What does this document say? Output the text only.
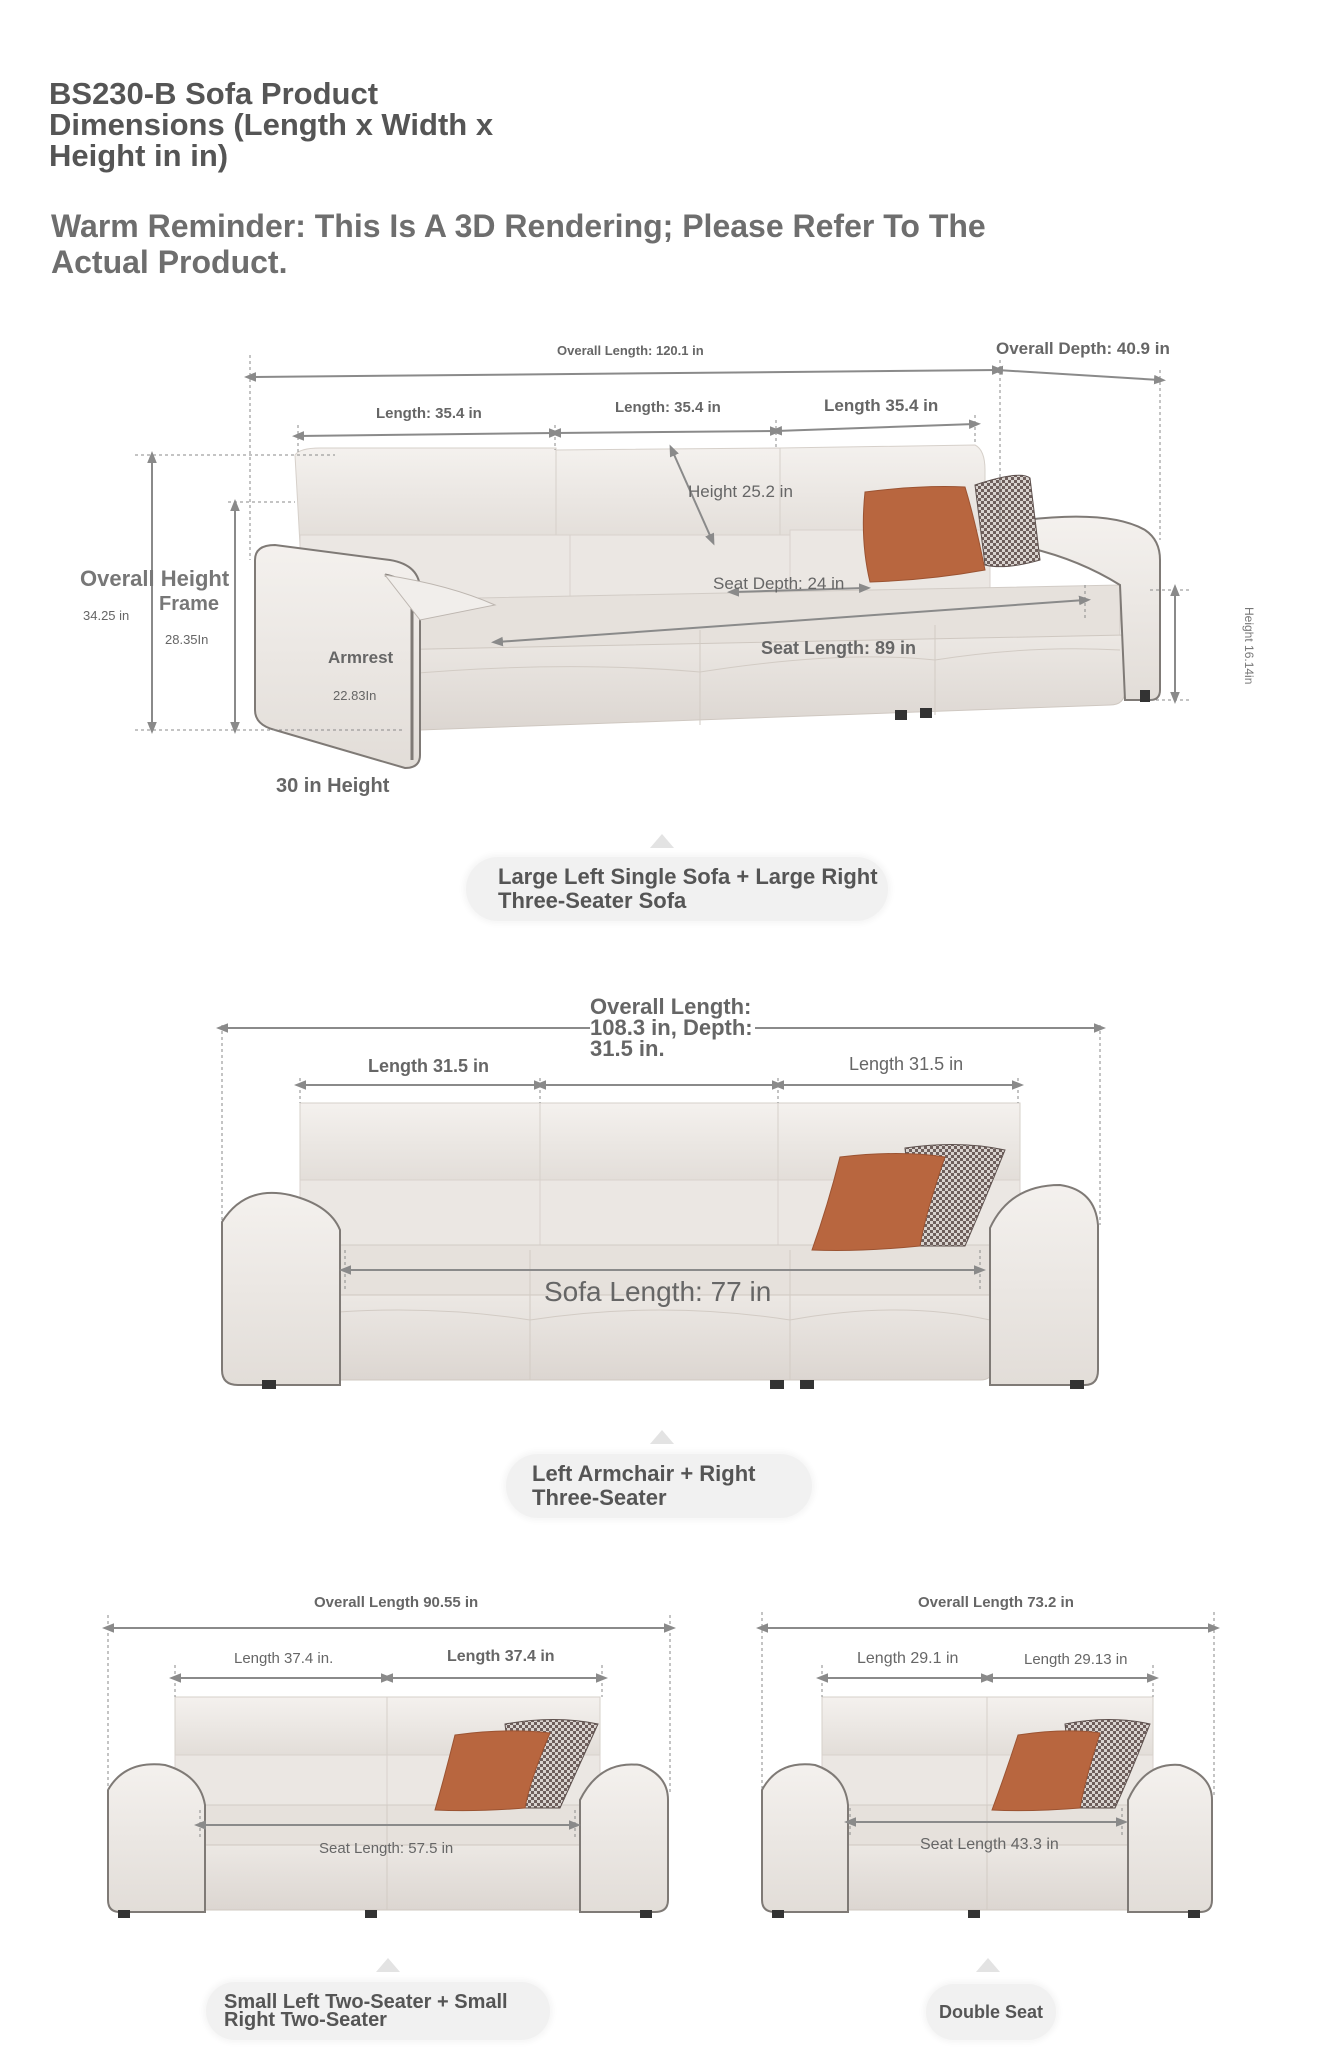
BS230-B Sofa Product Dimensions (Length x Width x Height in in)
Warm Reminder: This Is A 3D Rendering; Please Refer To The Actual Product.
Overall Length: 120.1 in	Overall Depth: 40.9 in
Length: 35.4 in	Length: 35.4 in	Length 35.4 in
Height 25.2 in
Overall Height
34.25 in
Frame
28.35In
Seat Depth: 24 in
Seat Length: 89 in
Armrest
22.83In
30 in Height
Height 16.14in
Large Left Single Sofa + Large Right Three-Seater Sofa
Overall Length: 108.3 in, Depth: 31.5 in.
Length 31.5 in	Length 31.5 in
Sofa Length: 77 in
Left Armchair + Right Three-Seater
Overall Length 90.55 in
Length 37.4 in.	Length 37.4 in
Seat Length: 57.5 in
Small Left Two-Seater + Small Right Two-Seater
Overall Length 73.2 in
Length 29.1 in	Length 29.13 in
Seat Length 43.3 in
Double Seat
